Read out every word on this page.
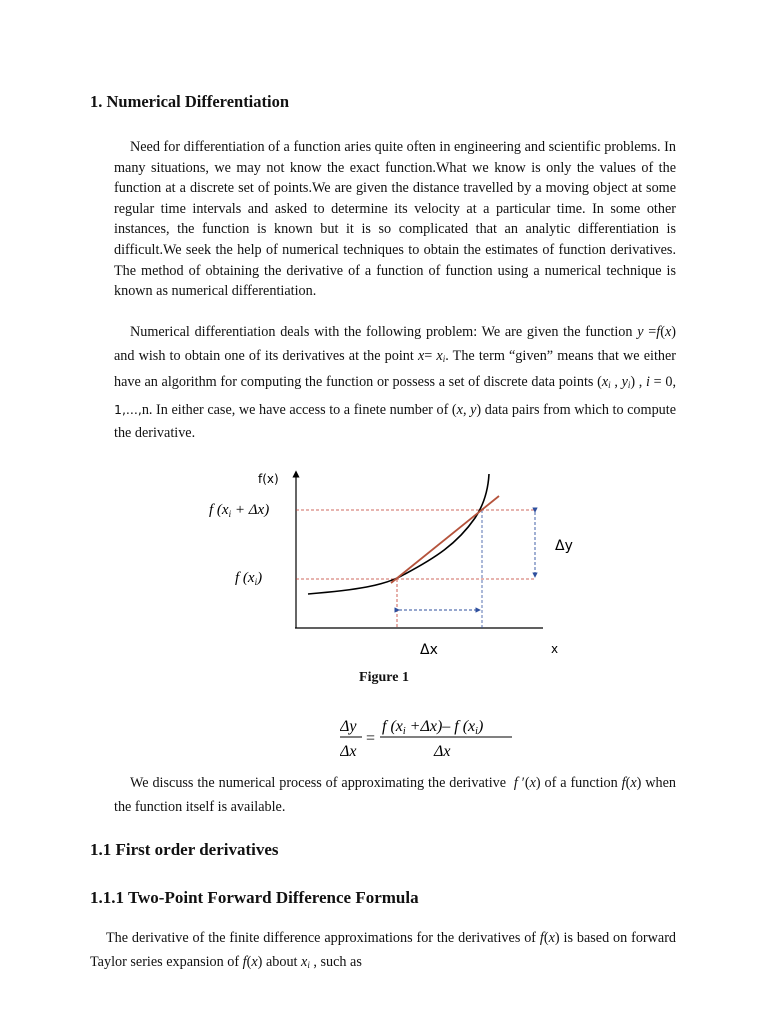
1. Numerical Differentiation

Need for differentiation of a function aries quite often in engineering and scientific problems. In many situations, we may not know the exact function.What we know is only the values of the function at a discrete set of points.We are given the distance travelled by a moving object at some regular time intervals and asked to determine its velocity at a particular time. In some other instances, the function is known but it is so complicated that an analytic differentiation is difficult.We seek the help of numerical techniques to obtain the estimates of function derivatives. The method of obtaining the derivative of a function of function using a numerical technique is known as numerical differentiation.

Numerical differentiation deals with the following problem: We are given the function y =f(x) and wish to obtain one of its derivatives at the point $x= x_i$. The term “given” means that we either have an algorithm for computing the function or possess a set of discrete data points ($x_i$ , $y_i$) , i = 0, 1,...,n. In either case, we have access to a finete number of (x, y) data pairs from which to compute the derivative.

f(x)
f $(x_i + \Delta x)$
f $(x_i)$
Δy
Δx	x
Figure 1
Δy
Δx
=
f (xi +Δx)– f (xi)
Δx

We discuss the numerical process of approximating the derivative f ′(x) of a function f(x) when the function itself is available.

1.1 First order derivatives
1.1.1 Two-Point Forward Difference Formula

The derivative of the finite difference approximations for the derivatives of f(x) is based on forward Taylor series expansion of f(x) about $x_i$ , such as
